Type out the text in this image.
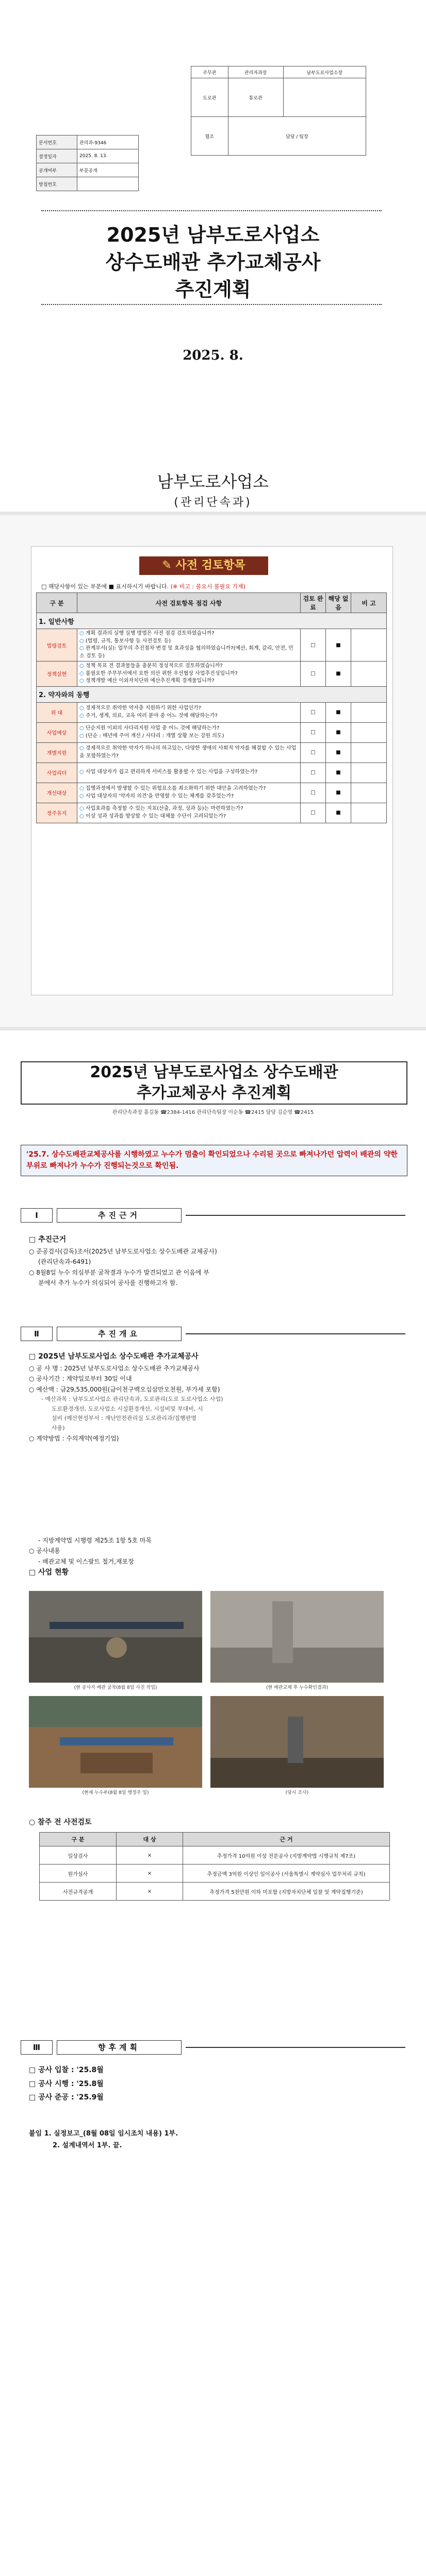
주무관	관리자과장	남부도로사업소장
도로관	통로관	
협조	담당 / 팀장	
문서번호	관리과-9346
결정일자	2025. 8. 13.
공개여부	부분공개
방침번호	
2025년 남부도로사업소
상수도배관 추가교체공사
추진계획
2025. 8.
남부도로사업소
(관리단속과)
✎ 사전 검토항목
□ 해당사항이 있는 부분에 ■ 표시하시기 바랍니다. (※ 비고 : 불요시 불필요 기재)
구 분	사전 검토항목 점검 사항	검토 완료	해당 없음	비 고
1. 일반사항				
법령검토	○ 계획 결과의 실행 실행 방법은 사전 점검 검토하였습니까?
○ (법령, 규칙, 통보사항 등 사전검토 등)
○ 관계부서(실): 업무의 추진절차 변경 및 효과성을 협의하였습니까?(예산, 회계, 감리, 안전, 민소 검토 등)	□	■	
정책실현	○ 정책 목표 전 결과물들을 충분히 정성적으로 검토하였습니까?
○ 불필요한 주무부서에서 요한 의산 위한 우선협상 사업추진성입니까?
○ 정책개발 예산 이외자치단위 예산추진계획 경계물입니까?	□	■	
2. 약자와의 동행				
위 대	○ 경제적으로 취약한 약자층 지원하기 위한 사업인가?
○ 주거, 생계, 의료, 교육 여러 분야 중 어느 것에 해당하는가?	□	■	
사업예상	○ 단순지원 이외의 사다리지원 사업 중 어느 것에 해당하는가?
○ (단순 : 매년에 주어 개선 / 사다리 : 개별 상황 보는 강원 의도)	□	■	
개별지원	○ 경제적으로 취약한 약자가 하나의 하고있는, 다양한 생애의 사회적 약자를 해결할 수 있는 사업을 포함하였는가?	□	■	
사업리더	○ 사업 대상자가 쉽고 편리하게 서비스를 활용할 수 있는 사업을 구성하였는가?	□	■	
개선대상	○ 집행과정에서 발생할 수 있는 위험요소를 최소화하기 위한 대안을 고려하였는가?
○ 사업 대상자의 '약자의 의견'을 반영할 수 있는 체계를 갖추었는가?	□	■	
정주유지	○ 사업효과를 측정할 수 있는 지표(산출, 과정, 성과 등)는 마련하였는가?
○ 이상 성과 성과를 향상할 수 있는 대체물 수단이 고려되었는가?	□	■	
2025년 남부도로사업소 상수도배관
추가교체공사 추진계획
관리단속과장 홍길동 ☎2384-1416 관리단속팀장 이순동 ☎2415 담당 김순영 ☎2415
'25.7. 상수도배관교체공사를 시행하였고 누수가 멈출이 확인되었으나 수리된 곳으로 빠져나가던 압력이 배관의 약한부위로 빠져나가 누수가 진행되는것으로 확인됨.
Ⅰ	추진근거
□ 추진근거
○ 준공검사(감독)조서(2025년 남부도로사업소 상수도배관 교체공사)
(관리단속과-6491)
○ 8월8일 누수 의심부분 굴착결과 누수가 발견되었고 관 이음에 부
분에서 추가 누수가 의심되어 공사를 진행하고자 함.
Ⅱ	추진개요
□ 2025년 남부도로사업소 상수도배관 추가교체공사
○ 공 사 명 : 2025년 남부도로사업소 상수도배관 추가교체공사
○ 공사기간 : 계약일로부터 30일 이내
○ 예산액 : 금29,535,000원(금이천구백오십삼만오천원, 부가세 포함)
- 예산과목 : 남부도로사업소 관리단속과, 도로관리(도로 도로사업소 사업)
도로환경개선, 도로사업소 시설환경개선, 시설비및 부대비, 시
설비 (예산현성부서 : 재난안전관리실 도로관리과/집행판명
사용)
○ 계약방법 : 수의계약(예정기업)
- 지방계약법 시행령 제25조 1항 5호 마목
○ 공사내용
- 배관교체 및 이스팔트 철거,재포장
□ 사업 현황
(현 공사지 배관 굴착(8월 8일 사진 작업)	(현 배관교체 후 누수확인결과)
(현재 누수부(8월 8일 행정주 일)	(당시 조사)
○ 참주 전 사전검토
구 분	대 상	근 거
일상검사	×	추정가격 10억원 이상 전문공사 (지방계약법 시행규칙 제7조)
원가심사	×	추정금액 3억원 이상인 일이공사 (서울특별시 계약심사 업무처리 규칙)
사전규격공개	×	추정가격 5천만원 이하 미포함 (지방자치단체 입찰 및 계약집행기준)
Ⅲ	향후계획
□ 공사 입찰 : '25.8월
□ 공사 시행 : '25.8월
□ 공사 준공 : '25.9월
붙임 1. 실정보고_(8월 08일 임시조치 내용) 1부.
2. 설계내역서 1부. 끝.
